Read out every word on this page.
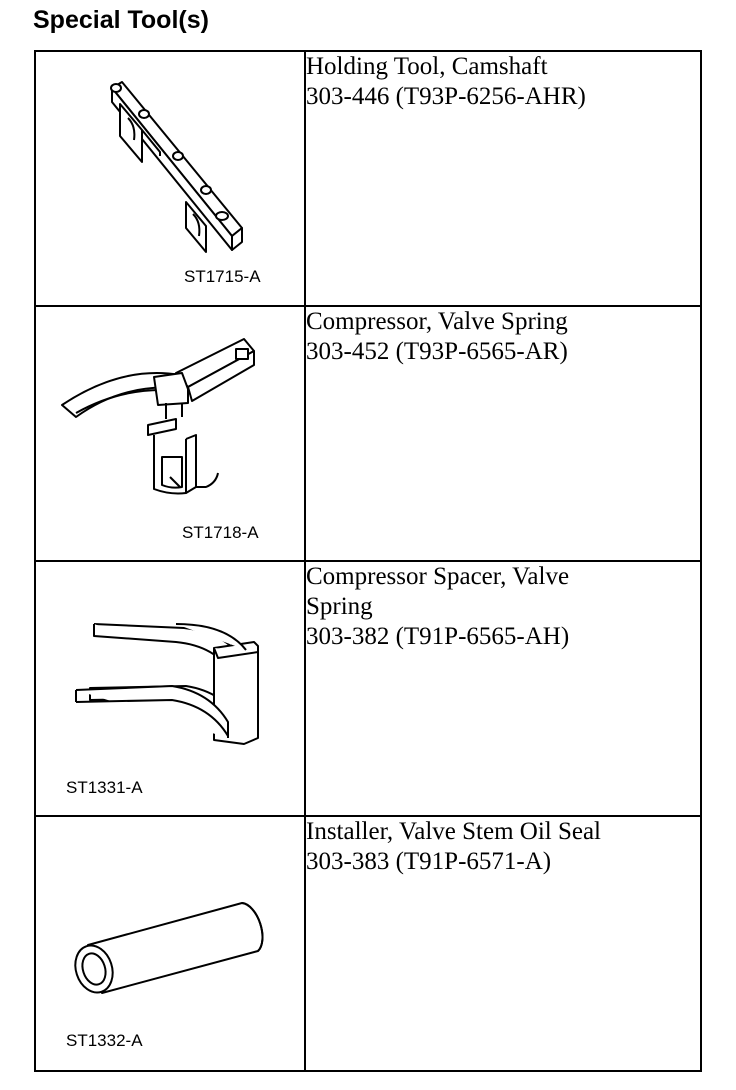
Special Tool(s)
ST1715-A	Holding Tool, Camshaft
303-446 (T93P-6256-AHR)

ST1718-A	Compressor, Valve Spring
303-452 (T93P-6565-AR)

ST1331-A	Compressor Spacer, Valve
Spring
303-382 (T91P-6565-AH)

ST1332-A	Installer, Valve Stem Oil Seal
303-383 (T91P-6571-A)
